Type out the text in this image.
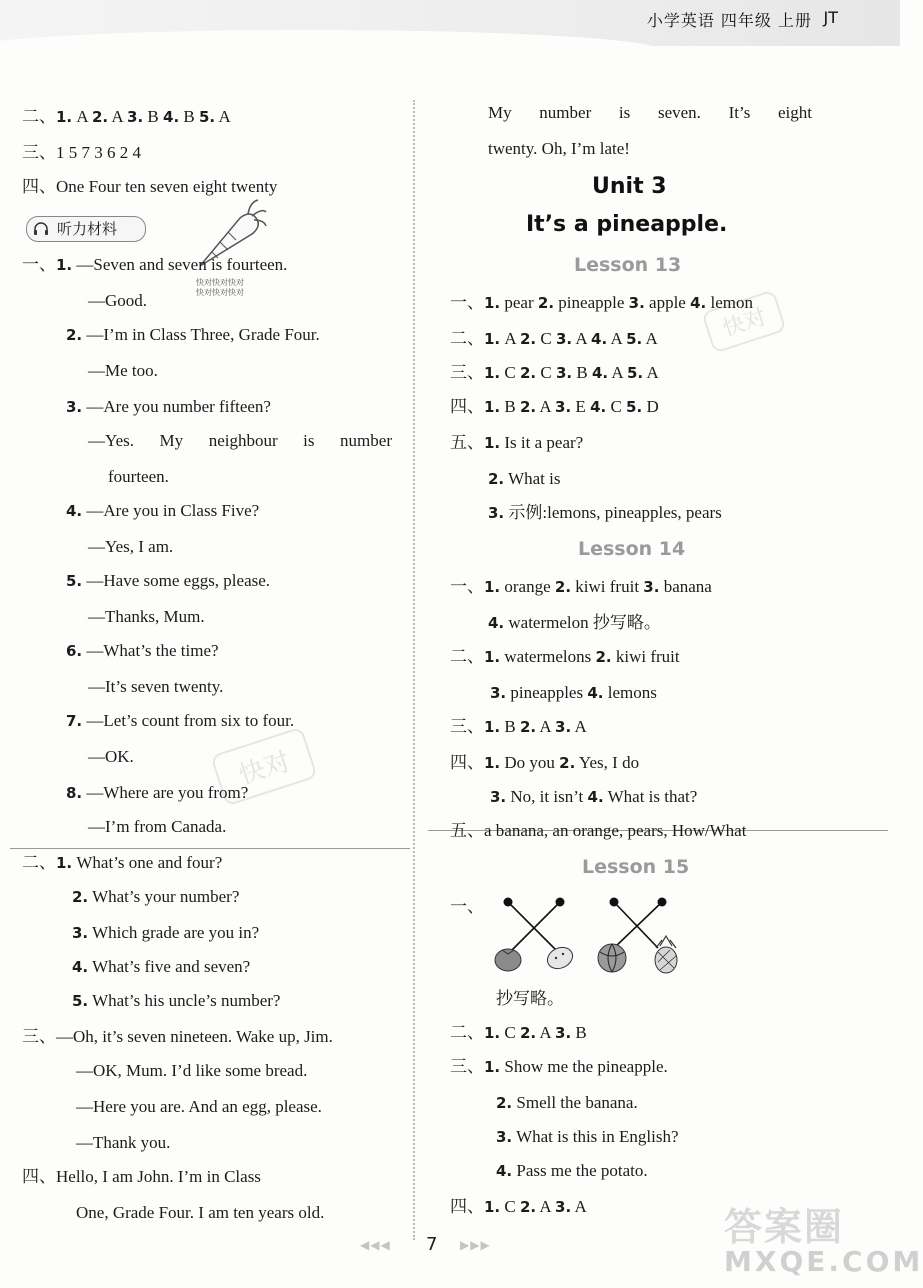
小学英语 四年级 上册 JT
快对
快对
听力材料
快对快对快对
快对快对快对
二、1. A 2. A 3. B 4. B 5. A
三、1 5 7 3 6 2 4
四、One Four ten seven eight twenty
一、1. —Seven and seven is fourteen.
—Good.
2. —I’m in Class Three, Grade Four.
—Me too.
3. —Are you number fifteen?
—Yes. My neighbour is number
fourteen.
4. —Are you in Class Five?
—Yes, I am.
5. —Have some eggs, please.
—Thanks, Mum.
6. —What’s the time?
—It’s seven twenty.
7. —Let’s count from six to four.
—OK.
8. —Where are you from?
—I’m from Canada.
二、1. What’s one and four?
2. What’s your number?
3. Which grade are you in?
4. What’s five and seven?
5. What’s his uncle’s number?
三、—Oh, it’s seven nineteen. Wake up, Jim.
—OK, Mum. I’d like some bread.
—Here you are. And an egg, please.
—Thank you.
四、Hello, I am John. I’m in Class
One, Grade Four. I am ten years old.
My number is seven. It’s eight
twenty. Oh, I’m late!
Unit 3
It’s a pineapple.
Lesson 13
Lesson 14
Lesson 15
一、1. pear 2. pineapple 3. apple 4. lemon
二、1. A 2. C 3. A 4. A 5. A
三、1. C 2. C 3. B 4. A 5. A
四、1. B 2. A 3. E 4. C 5. D
五、1. Is it a pear?
2. What is
3. 示例:lemons, pineapples, pears
一、1. orange 2. kiwi fruit 3. banana
4. watermelon 抄写略。
二、1. watermelons 2. kiwi fruit
3. pineapples 4. lemons
三、1. B 2. A 3. A
四、1. Do you 2. Yes, I do
3. No, it isn’t 4. What is that?
五、a banana, an orange, pears, How/What
一、
抄写略。
二、1. C 2. A 3. B
三、1. Show me the pineapple.
2. Smell the banana.
3. What is this in English?
4. Pass me the potato.
四、1. C 2. A 3. A
◀◀◀ 7 ▶▶▶	答案圈
MXQE.COM
